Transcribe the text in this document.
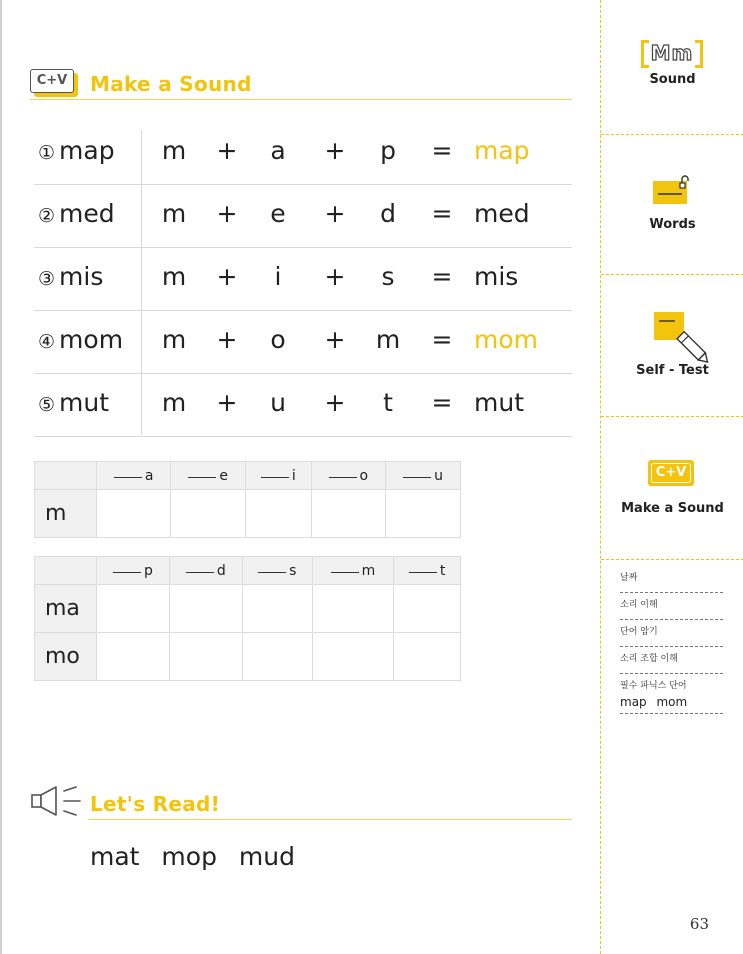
C+V	Make a Sound
① map	m	+	a	+	p	= map
② med	m	+	e	+	d	= med
③ mis	m	+	i	+	s	= mis
④ mom	m	+	o	+	m	= mom
⑤ mut	m	+	u	+	t	= mut
	a	e	i	o	u
m					
	p	d	s	m	t
ma					
mo					
Let's Read!
mat mop mud
63
Mm
Sound
Words
Self - Test
C+V
Make a Sound
날짜
소리 이해
단어 암기
소리 조합 이해
필수 파닉스 단어
map mom
